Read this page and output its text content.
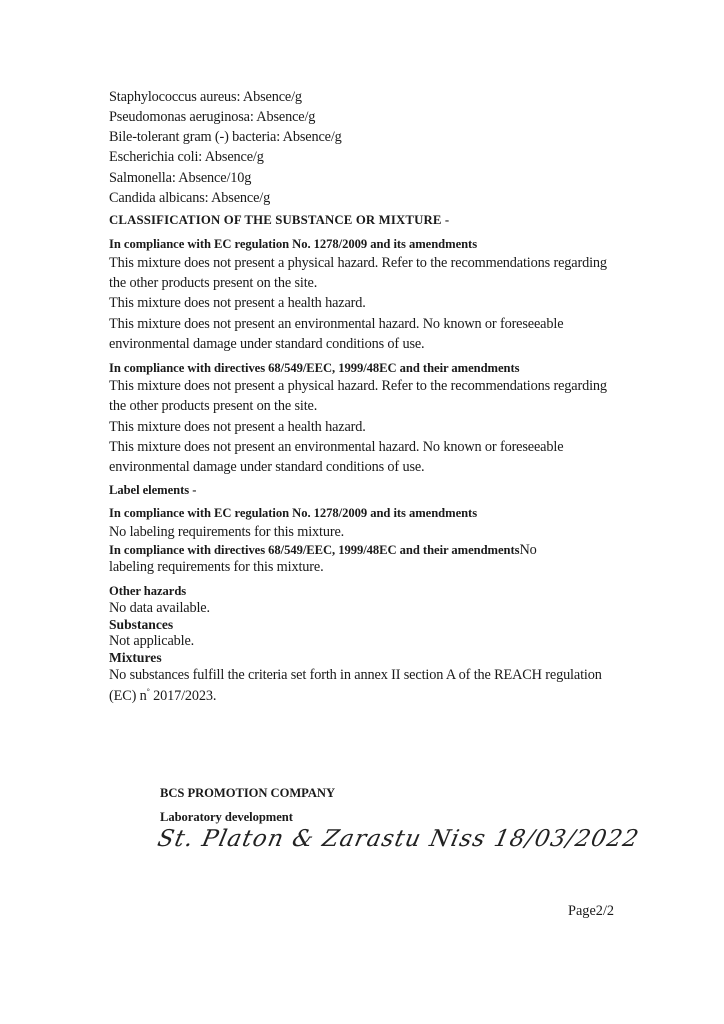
Staphylococcus aureus: Absence/g
Pseudomonas aeruginosa: Absence/g
Bile-tolerant gram (-) bacteria: Absence/g
Escherichia coli: Absence/g
Salmonella: Absence/10g
Candida albicans: Absence/g
CLASSIFICATION OF THE SUBSTANCE OR MIXTURE -
In compliance with EC regulation No. 1278/2009 and its amendments
This mixture does not present a physical hazard. Refer to the recommendations regarding
the other products present on the site.
This mixture does not present a health hazard.
This mixture does not present an environmental hazard. No known or foreseeable
environmental damage under standard conditions of use.
In compliance with directives 68/549/EEC, 1999/48EC and their amendments
This mixture does not present a physical hazard. Refer to the recommendations regarding
the other products present on the site.
This mixture does not present a health hazard.
This mixture does not present an environmental hazard. No known or foreseeable
environmental damage under standard conditions of use.
Label elements -
In compliance with EC regulation No. 1278/2009 and its amendments
No labeling requirements for this mixture.
In compliance with directives 68/549/EEC, 1999/48EC and their amendmentsNo
labeling requirements for this mixture.
Other hazards
No data available.
Substances
Not applicable.
Mixtures
No substances fulfill the criteria set forth in annex II section A of the REACH regulation
(EC) n° 2017/2023.
BCS PROMOTION COMPANY
Laboratory development
St. Platon & Zarastu Niss 18/03/2022
Page2/2
